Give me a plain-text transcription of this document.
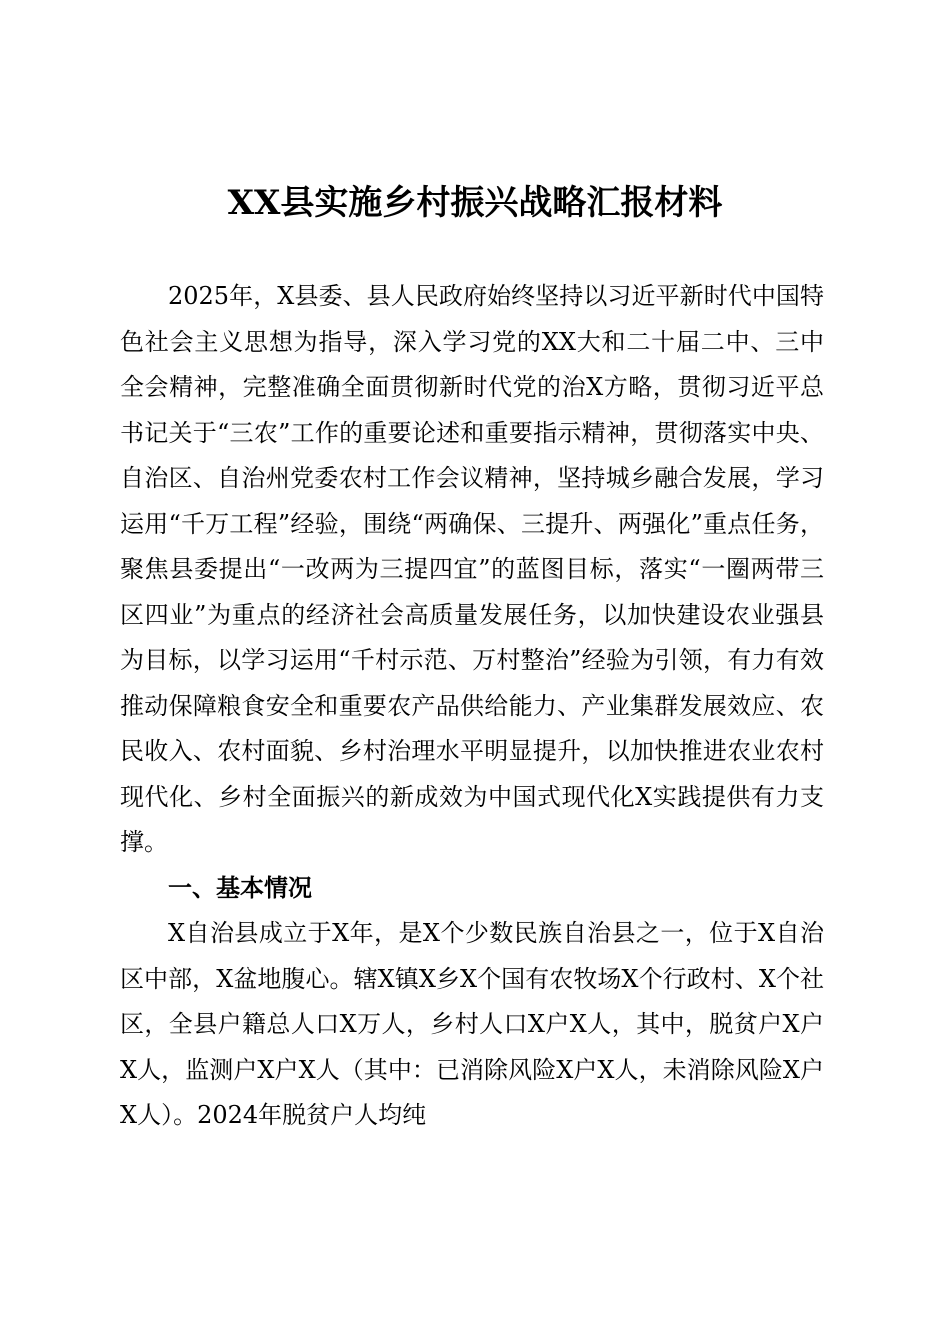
XX县实施乡村振兴战略汇报材料

2025年，X县委、县人民政府始终坚持以习近平新时代中国特色社会主义思想为指导，深入学习党的XX大和二十届二中、三中全会精神，完整准确全面贯彻新时代党的治X方略，贯彻习近平总书记关于“三农”工作的重要论述和重要指示精神，贯彻落实中央、自治区、自治州党委农村工作会议精神，坚持城乡融合发展，学习运用“千万工程”经验，围绕“两确保、三提升、两强化”重点任务，聚焦县委提出“一改两为三提四宜”的蓝图目标，落实“一圈两带三区四业”为重点的经济社会高质量发展任务，以加快建设农业强县为目标，以学习运用“千村示范、万村整治”经验为引领，有力有效推动保障粮食安全和重要农产品供给能力、产业集群发展效应、农民收入、农村面貌、乡村治理水平明显提升，以加快推进农业农村现代化、乡村全面振兴的新成效为中国式现代化X实践提供有力支撑。

一、基本情况

X自治县成立于X年，是X个少数民族自治县之一，位于X自治区中部，X盆地腹心。辖X镇X乡X个国有农牧场X个行政村、X个社区，全县户籍总人口X万人，乡村人口X户X人，其中，脱贫户X户X人，监测户X户X人（其中：已消除风险X户X人，未消除风险X户X人）。2024年脱贫户人均纯
